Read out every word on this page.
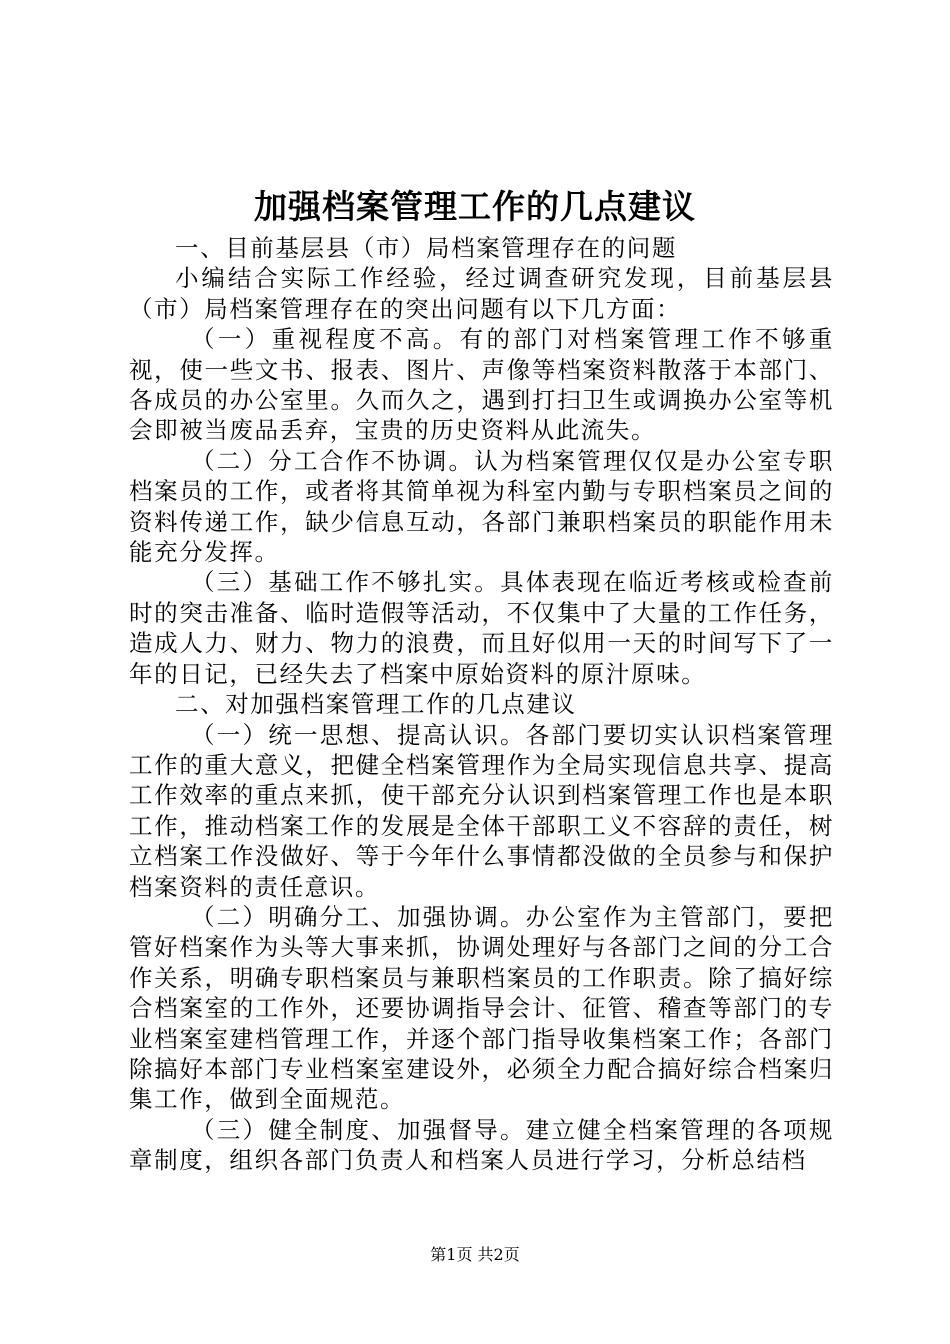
加强档案管理工作的几点建议

一、目前基层县（市）局档案管理存在的问题

小编结合实际工作经验，经过调查研究发现，目前基层县（市）局档案管理存在的突出问题有以下几方面：

（一）重视程度不高。有的部门对档案管理工作不够重视，使一些文书、报表、图片、声像等档案资料散落于本部门、各成员的办公室里。久而久之，遇到打扫卫生或调换办公室等机会即被当废品丢弃，宝贵的历史资料从此流失。

（二）分工合作不协调。认为档案管理仅仅是办公室专职档案员的工作，或者将其简单视为科室内勤与专职档案员之间的资料传递工作，缺少信息互动，各部门兼职档案员的职能作用未能充分发挥。

（三）基础工作不够扎实。具体表现在临近考核或检查前时的突击准备、临时造假等活动，不仅集中了大量的工作任务，造成人力、财力、物力的浪费，而且好似用一天的时间写下了一年的日记，已经失去了档案中原始资料的原汁原味。

二、对加强档案管理工作的几点建议

（一）统一思想、提高认识。各部门要切实认识档案管理工作的重大意义，把健全档案管理作为全局实现信息共享、提高工作效率的重点来抓，使干部充分认识到档案管理工作也是本职工作，推动档案工作的发展是全体干部职工义不容辞的责任，树立档案工作没做好、等于今年什么事情都没做的全员参与和保护档案资料的责任意识。

（二）明确分工、加强协调。办公室作为主管部门，要把管好档案作为头等大事来抓，协调处理好与各部门之间的分工合作关系，明确专职档案员与兼职档案员的工作职责。除了搞好综合档案室的工作外，还要协调指导会计、征管、稽查等部门的专业档案室建档管理工作，并逐个部门指导收集档案工作；各部门除搞好本部门专业档案室建设外，必须全力配合搞好综合档案归集工作，做到全面规范。

（三）健全制度、加强督导。建立健全档案管理的各项规章制度，组织各部门负责人和档案人员进行学习，分析总结档

第1页 共2页
